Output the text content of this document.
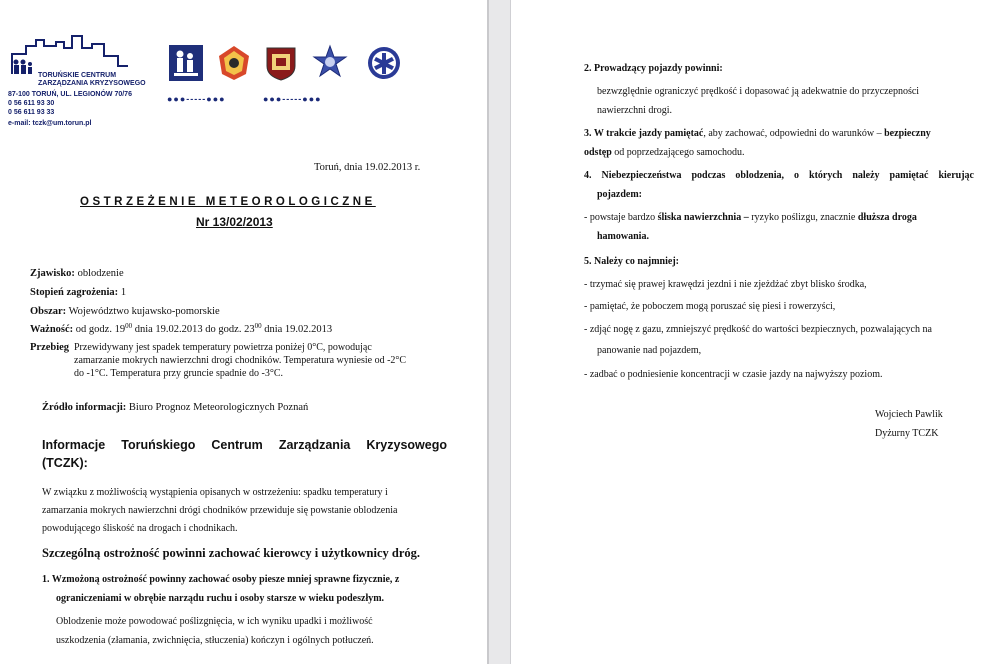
TORUŃSKIE CENTRUM
ZARZĄDZANIA KRYZYSOWEGO
87-100 TORUŃ, UL. LEGIONÓW 70/76
0 56 611 93 30
0 56 611 93 33
e-mail: tczk@um.torun.pl
●●●-----●●●	●●●-----●●●
Toruń, dnia 19.02.2013 r.
OSTRZEŻENIE METEOROLOGICZNE
Nr 13/02/2013
Zjawisko: oblodzenie
Stopień zagrożenia: 1
Obszar: Województwo kujawsko-pomorskie
Ważność: od godz. $19^{00}$ dnia 19.02.2013 do godz. $23^{00}$ dnia 19.02.2013
Przebieg Przewidywany jest spadek temperatury powietrza poniżej 0°C, powodując
zamarzanie mokrych nawierzchni drogi chodników. Temperatura wyniesie od -2°C
do -1°C. Temperatura przy gruncie spadnie do -3°C.
Źródło informacji: Biuro Prognoz Meteorologicznych Poznań
Informacje Toruńskiego Centrum Zarządzania Kryzysowego
(TCZK):
W związku z możliwością wystąpienia opisanych w ostrzeżeniu: spadku temperatury i
zamarzania mokrych nawierzchni drógi chodników przewiduje się powstanie oblodzenia
powodującego śliskość na drogach i chodnikach.
Szczególną ostrożność powinni zachować kierowcy i użytkownicy dróg.
1. Wzmożoną ostrożność powinny zachować osoby piesze mniej sprawne fizycznie, z
ograniczeniami w obrębie narządu ruchu i osoby starsze w wieku podeszłym.
Oblodzenie może powodować poślizgnięcia, w ich wyniku upadki i możliwość
uszkodzenia (złamania, zwichnięcia, stłuczenia) kończyn i ogólnych potłuczeń.
2. Prowadzący pojazdy powinni:
bezwzględnie ograniczyć prędkość i dopasować ją adekwatnie do przyczepności
nawierzchni drogi.
3. W trakcie jazdy pamiętać, aby zachować, odpowiedni do warunków – bezpieczny
odstęp od poprzedzającego samochodu.
4. Niebezpieczeństwa podczas oblodzenia, o których należy pamiętać kierując
pojazdem:
- powstaje bardzo śliska nawierzchnia – ryzyko poślizgu, znacznie dłuższa droga
hamowania.
5. Należy co najmniej:
- trzymać się prawej krawędzi jezdni i nie zjeżdżać zbyt blisko środka,
- pamiętać, że poboczem mogą poruszać się piesi i rowerzyści,
- zdjąć nogę z gazu, zmniejszyć prędkość do wartości bezpiecznych, pozwalających na
panowanie nad pojazdem,
- zadbać o podniesienie koncentracji w czasie jazdy na najwyższy poziom.
Wojciech Pawlik
Dyżurny TCZK
